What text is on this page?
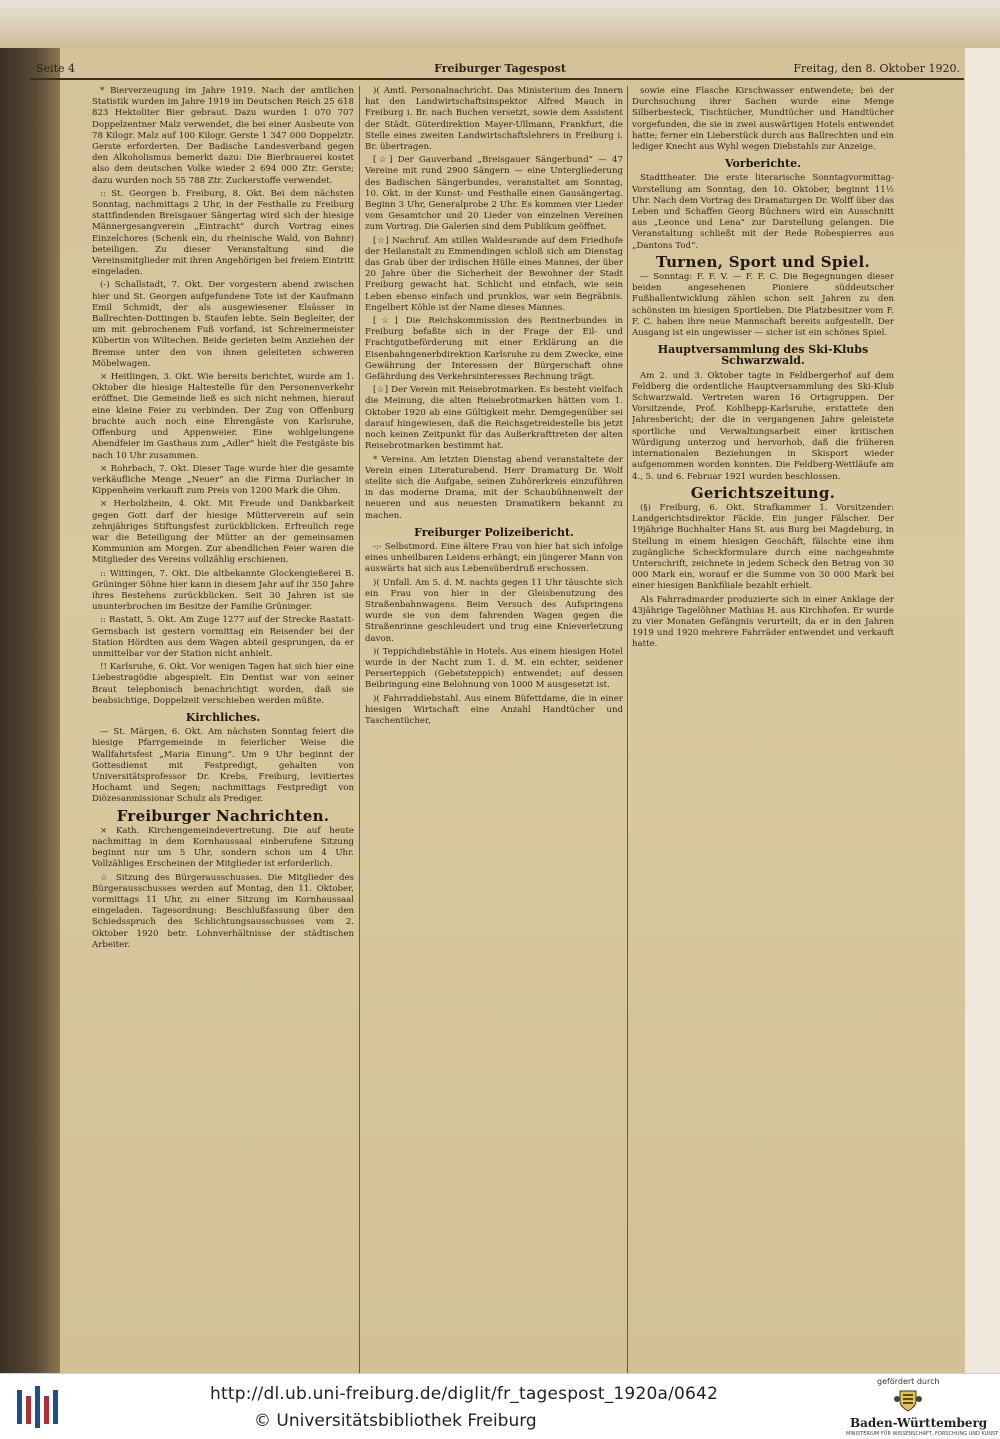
Seite 4	Freiburger Tagespost	Freitag, den 8. Oktober 1920.

* Bierverzeugung im Jahre 1919. Nach der amtlichen Statistik wurden im Jahre 1919 im Deutschen Reich 25 618 823 Hektoliter Bier gebraut. Dazu wurden 1 070 707 Doppelzentner Malz verwendet, die bei einer Ausbeute von 78 Kilogr. Malz auf 100 Kilogr. Gerste 1 347 000 Doppelztr. Gerste erforderten. Der Badische Landesverband gegen den Alkoholismus bemerkt dazu: Die Bierbrauerei kostet also dem deutschen Volke wieder 2 694 000 Ztr. Gerste; dazu wurden noch 55 788 Ztr. Zuckerstoffe verwendet.

:: St. Georgen b. Freiburg, 8. Okt. Bei dem nächsten Sonntag, nachmittags 2 Uhr, in der Festhalle zu Freiburg stattfindenden Breisgauer Sängertag wird sich der hiesige Männergesangverein „Eintracht“ durch Vortrag eines Einzelchores (Schenk ein, du rheinische Wald, von Bahnr) beteiligen. Zu dieser Veranstaltung sind die Vereinsmitglieder mit ihren Angehörigen bei freiem Eintritt eingeladen.

(-) Schallstadt, 7. Okt. Der vorgestern abend zwischen hier und St. Georgen aufgefundene Tote ist der Kaufmann Emil Schmidt, der als ausgewiesener Elsässer in Ballrechten-Dottingen b. Staufen lebte. Sein Begleiter, der um mit gebrochenem Fuß vorfand, ist Schreinermeister Kübertin von Wiltechen. Beide gerieten beim Anziehen der Bremse unter den von ihnen geleiteten schweren Möbelwagen.

× Heitlingen, 3. Okt. Wie bereits berichtet, wurde am 1. Oktober die hiesige Haltestelle für den Personenverkehr eröffnet. Die Gemeinde ließ es sich nicht nehmen, hierauf eine kleine Feier zu verbinden. Der Zug von Offenburg brachte auch noch eine Ehrengäste von Karlsruhe, Offenburg und Appenweier. Eine wohlgelungene Abendfeier im Gasthaus zum „Adler“ hielt die Festgäste bis nach 10 Uhr zusammen.

× Rohrbach, 7. Okt. Dieser Tage wurde hier die gesamte verkäufliche Menge „Neuer“ an die Firma Durlacher in Kippenheim verkauft zum Preis von 1200 Mark die Ohm.

× Herbolzheim, 4. Okt. Mit Freude und Dankbarkeit gegen Gott darf der hiesige Mütterverein auf sein zehnjähriges Stiftungsfest zurückblicken. Erfreulich rege war die Beteiligung der Mütter an der gemeinsamen Kommunion am Morgen. Zur abendlichen Feier waren die Mitglieder des Vereins vollzählig erschienen.

:: Wittingen, 7. Okt. Die altbekannte Glockengießerei B. Grüninger Söhne hier kann in diesem Jahr auf ihr 350 Jahre ihres Bestehens zurückblicken. Seit 30 Jahren ist sie ununterbrochen im Besitze der Familie Grüninger.

:: Rastatt, 5. Okt. Am Zuge 1277 auf der Strecke Rastatt-Gernsbach ist gestern vormittag ein Reisender bei der Station Hördten aus dem Wagen abteil gesprungen, da er unmittelbar vor der Station nicht anhielt.

!! Karlsruhe, 6. Okt. Vor wenigen Tagen hat sich hier eine Liebestragödie abgespielt. Ein Dentist war von seiner Braut telephonisch benachrichtigt worden, daß sie beabsichtige, Doppelzeit verschieben werden müßte.

Kirchliches.

— St. Märgen, 6. Okt. Am nächsten Sonntag feiert die hiesige Pfarrgemeinde in feierlicher Weise die Wallfahrtsfest „Maria Einung“. Um 9 Uhr beginnt der Gottesdienst mit Festpredigt, gehalten von Universitätsprofessor Dr. Krebs, Freiburg, levitiertes Hochamt und Segen; nachmittags Festpredigt von Diözesanmissionar Schulz als Prediger.

Freiburger Nachrichten.

× Kath. Kirchengemeindevertretung. Die auf heute nachmittag in dem Kornhaussaal einberufene Sitzung beginnt nur um 5 Uhr, sondern schon um 4 Uhr. Vollzähliges Erscheinen der Mitglieder ist erforderlich.

☆ Sitzung des Bürgerausschusses. Die Mitglieder des Bürgerausschusses werden auf Montag, den 11. Oktober, vormittags 11 Uhr, zu einer Sitzung im Kornhaussaal eingeladen. Tagesordnung: Beschlußfassung über den Schiedsspruch des Schlichtungsausschusses vom 2. Oktober 1920 betr. Lohnverhältnisse der städtischen Arbeiter.

)( Amtl. Personalnachricht. Das Ministerium des Innern hat den Landwirtschaftsinspektor Alfred Mauch in Freiburg i. Br. nach Buchen versetzt, sowie dem Assistent der Städt. Güterdirektion Mayer-Ullmann, Frankfurt, die Stelle eines zweiten Landwirtschaftslehrers in Freiburg i. Br. übertragen.

[☆] Der Gauverband „Breisgauer Sängerbund“ — 47 Vereine mit rund 2900 Sängern — eine Untergliederung des Badischen Sängerbundes, veranstaltet am Sonntag, 10. Okt. in der Kunst- und Festhalle einen Gausängertag. Beginn 3 Uhr, Generalprobe 2 Uhr. Es kommen vier Lieder vom Gesamtchor und 20 Lieder von einzelnen Vereinen zum Vortrag. Die Galerien sind dem Publikum geöffnet.

[☆] Nachruf. Am stillen Waldesrande auf dem Friedhofe der Heilanstalt zu Emmendingen schloß sich am Dienstag das Grab über der irdischen Hülle eines Mannes, der über 20 Jahre über die Sicherheit der Bewohner der Stadt Freiburg gewacht hat. Schlicht und einfach, wie sein Leben ebenso einfach und prunklos, war sein Begräbnis. Engelbert Köhle ist der Name dieses Mannes.

[☆] Die Reichskommission des Rentnerbundes in Freiburg befaßte sich in der Frage der Eil- und Frachtgutbeförderung mit einer Erklärung an die Eisenbahngenerbdirektion Karlsruhe zu dem Zwecke, eine Gewährung der Interessen der Bürgerschaft ohne Gefährdung des Verkehrsinteresses Rechnung trägt.

[☆] Der Verein mit Reisebrotmarken. Es besteht vielfach die Meinung, die alten Reisebrotmarken hätten vom 1. Oktober 1920 ab eine Gültigkeit mehr. Demgegenüber sei darauf hingewiesen, daß die Reichsgetreidestelle bis jetzt noch keinen Zeitpunkt für das Außerkrafttreten der alten Reisebrotmarken bestimmt hat.

* Vereins. Am letzten Dienstag abend veranstaltete der Verein einen Literaturabend. Herr Dramaturg Dr. Wolf stellte sich die Aufgabe, seinen Zuhörerkreis einzuführen in das moderne Drama, mit der Schaubühnenwelt der neueren und aus neuesten Dramatikern bekannt zu machen.

Freiburger Polizeibericht.

-:- Selbstmord. Eine ältere Frau von hier hat sich infolge eines unheilbaren Leidens erhängt; ein jüngerer Mann von auswärts hat sich aus Lebensüberdruß erschossen.

)( Unfall. Am 5. d. M. nachts gegen 11 Uhr täuschte sich ein Frau von hier in der Gleisbenutzung des Straßenbahnwagens. Beim Versuch des Aufspringens wurde sie von dem fahrenden Wagen gegen die Straßenrinne geschleudert und trug eine Knieverletzung davon.

)( Teppichdiebstähle in Hotels. Aus einem hiesigen Hotel wurde in der Nacht zum 1. d. M. ein echter, seidener Perserteppich (Gebetsteppich) entwendet; auf dessen Beibringung eine Belohnung von 1000 M ausgesetzt ist.

)( Fahrraddiebstahl. Aus einem Büfettdame, die in einer hiesigen Wirtschaft eine Anzahl Handtücher und Taschentücher,

sowie eine Flasche Kirschwasser entwendete; bei der Durchsuchung ihrer Sachen wurde eine Menge Silberbesteck, Tischtücher, Mundtücher und Handtücher vorgefunden, die sie in zwei auswärtigen Hotels entwendet hatte; ferner ein Lieberstück durch aus Ballrechten und ein lediger Knecht aus Wyhl wegen Diebstahls zur Anzeige.

Vorberichte.

Stadttheater. Die erste literarische Sonntagvormittag-Vorstellung am Sonntag, den 10. Oktober, beginnt 11½ Uhr. Nach dem Vortrag des Dramaturgen Dr. Wolff über das Leben und Schaffen Georg Büchners wird ein Ausschnitt aus „Leonce und Lena“ zur Darstellung gelangen. Die Veranstaltung schließt mit der Rede Robespierres aus „Dantons Tod“.

Turnen, Sport und Spiel.

— Sonntag: F. F. V. — F. F. C. Die Begegnungen dieser beiden angesehenen Pioniere süddeutscher Fußballentwicklung zählen schon seit Jahren zu den schönsten im hiesigen Sportleben. Die Platzbesitzer vom F. F. C. haben ihre neue Mannschaft bereits aufgestellt. Der Ausgang ist ein ungewisser — sicher ist ein schönes Spiel.

Hauptversammlung des Ski-Klubs Schwarzwald.

Am 2. und 3. Oktober tagte in Feldbergerhof auf dem Feldberg die ordentliche Hauptversammlung des Ski-Klub Schwarzwald. Vertreten waren 16 Ortsgruppen. Der Vorsitzende, Prof. Kohlhepp-Karlsruhe, erstattete den Jahresbericht; der die in vergangenen Jahre geleistete sportliche und Verwaltungsarbeit einer kritischen Würdigung unterzog und hervorhob, daß die früheren internationalen Beziehungen in Skisport wieder aufgenommen worden konnten. Die Feldberg-Wettläufe am 4., 5. und 6. Februar 1921 wurden beschlossen.

Gerichtszeitung.

(§) Freiburg, 6. Okt. Strafkammer 1. Vorsitzender: Landgerichtsdirektor Fäckle. Ein junger Fälscher. Der 19jährige Buchhalter Hans St. aus Burg bei Magdeburg, in Stellung in einem hiesigen Geschäft, fälschte eine ihm zugängliche Scheckformulare durch eine nachgeahmte Unterschrift, zeichnete in jedem Scheck den Betrag von 30 000 Mark ein, worauf er die Summe von 30 000 Mark bei einer hiesigen Bankfiliale bezahlt erhielt.

Als Fahrradmarder produzierte sich in einer Anklage der 43jährige Tagelöhner Mathias H. aus Kirchhofen. Er wurde zu vier Monaten Gefängnis verurteilt, da er in den Jahren 1919 und 1920 mehrere Fahrräder entwendet und verkauft hatte.

http://dl.ub.uni-freiburg.de/diglit/fr_tagespost_1920a/0642
© Universitätsbibliothek Freiburg
gefördert durch
Baden-Württemberg
MINISTERIUM FÜR WISSENSCHAFT, FORSCHUNG UND KUNST
